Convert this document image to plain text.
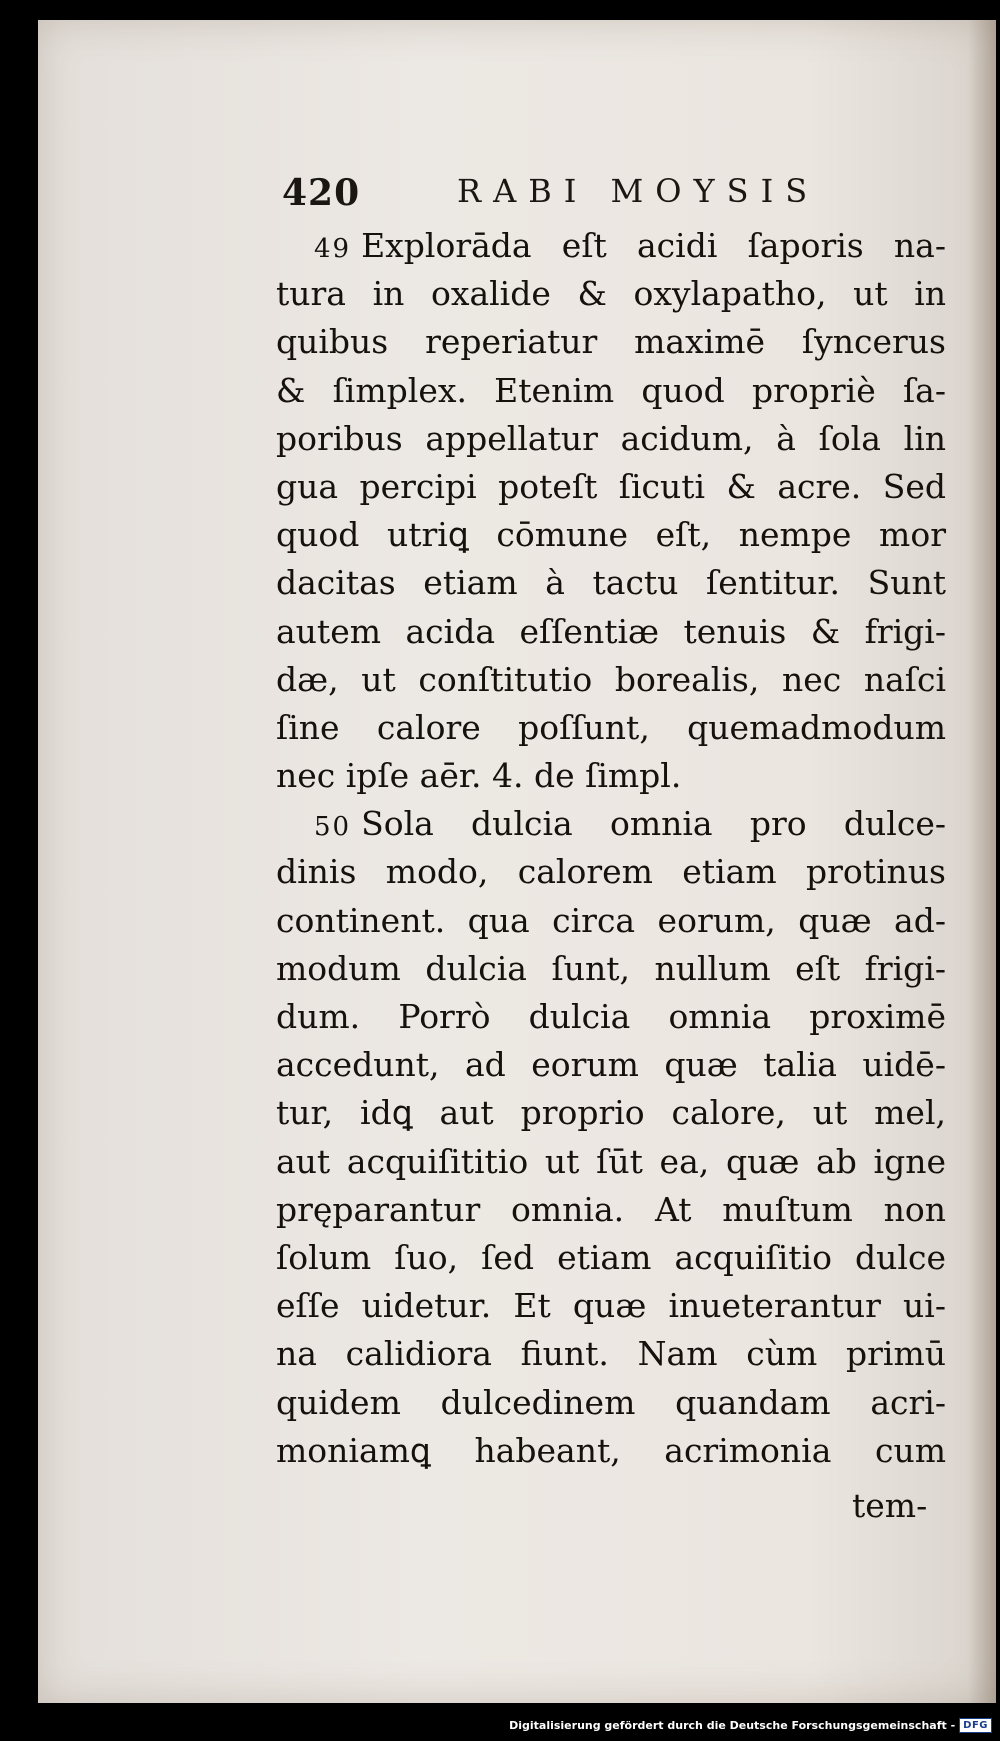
420	RABI MOYSIS
49 Explorāda eſt acidi ſaporis na-
tura in oxalide & oxylapatho, ut in
quibus reperiatur maximē ſyncerus
& ſimplex. Etenim quod propriè ſa-
poribus appellatur acidum, à ſola lin
gua percipi poteſt ſicuti & acre. Sed
quod utriꝗ cōmune eſt, nempe mor
dacitas etiam à tactu ſentitur. Sunt
autem acida eſſentiæ tenuis & frigi-
dæ, ut conſtitutio borealis, nec naſci
ſine calore poſſunt, quemadmodum
nec ipſe aēr. 4. de ſimpl.
50 Sola dulcia omnia pro dulce-
dinis modo, calorem etiam protinus
continent. qua circa eorum, quæ ad-
modum dulcia ſunt, nullum eſt frigi-
dum. Porrò dulcia omnia proximē
accedunt, ad eorum quæ talia uidē-
tur, idꝗ aut proprio calore, ut mel,
aut acquiſititio ut ſūt ea, quæ ab igne
pręparantur omnia. At muſtum non
ſolum ſuo, ſed etiam acquiſitio dulce
eſſe uidetur. Et quæ inueterantur ui-
na calidiora fiunt. Nam cùm primū
quidem dulcedinem quandam acri-
moniamꝗ habeant, acrimonia cum
tem-
Digitalisierung gefördert durch die Deutsche Forschungsgemeinschaft - DFG
